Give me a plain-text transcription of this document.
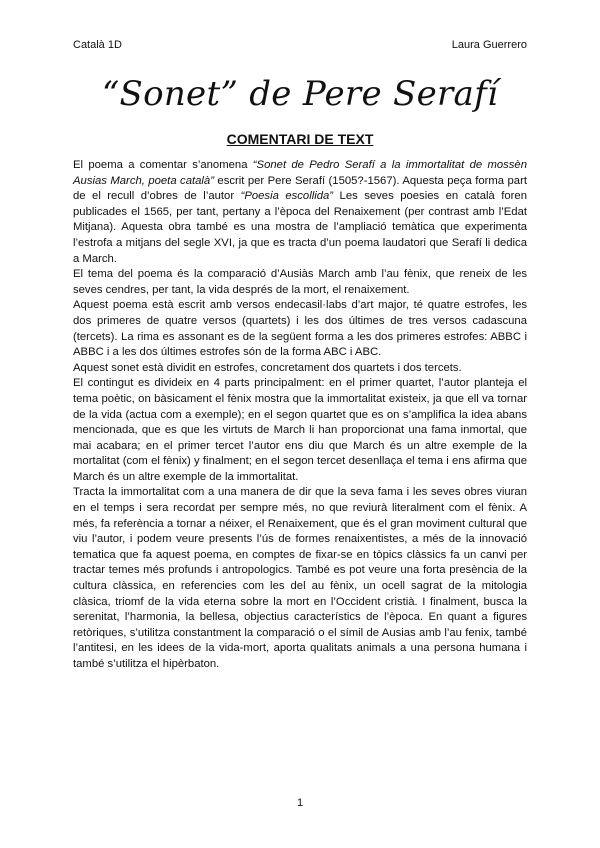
Català 1D	Laura Guerrero
“Sonet” de Pere Serafí
COMENTARI DE TEXT

El poema a comentar s’anomena “Sonet de Pedro Serafí a la immortalitat de mossèn Ausias March, poeta català” escrit per Pere Serafí (1505?-1567). Aquesta peça forma part de el recull d’obres de l’autor “Poesia escollida” Les seves poesies en català foren publicades el 1565, per tant, pertany a l’època del Renaixement (per contrast amb l’Edat Mitjana). Aquesta obra també es una mostra de l’ampliació temàtica que experimenta l’estrofa a mitjans del segle XVI, ja que es tracta d’un poema laudatori que Serafí li dedica a March.

El tema del poema és la comparació d’Ausiàs March amb l’au fènix, que reneix de les seves cendres, per tant, la vida després de la mort, el renaixement.

Aquest poema està escrit amb versos endecasil·labs d’art major, té quatre estrofes, les dos primeres de quatre versos (quartets) i les dos últimes de tres versos cadascuna (tercets). La rima es assonant es de la següent forma a les dos primeres estrofes: ABBC i ABBC i a les dos últimes estrofes són de la forma ABC i ABC.

Aquest sonet està dividit en estrofes, concretament dos quartets i dos tercets.

El contingut es divideix en 4 parts principalment: en el primer quartet, l’autor planteja el tema poètic, on bàsicament el fènix mostra que la immortalitat existeix, ja que ell va tornar de la vida (actua com a exemple); en el segon quartet que es on s’amplifica la idea abans mencionada, que es que les virtuts de March li han proporcionat una fama inmortal, que mai acabara; en el primer tercet l’autor ens diu que March és un altre exemple de la mortalitat (com el fènix) y finalment; en el segon tercet desenllaça el tema i ens afirma que March és un altre exemple de la immortalitat.

Tracta la immortalitat com a una manera de dir que la seva fama i les seves obres viuran en el temps i sera recordat per sempre més, no que reviurà literalment com el fènix. A més, fa referència a tornar a néixer, el Renaixement, que és el gran moviment cultural que viu l’autor, i podem veure presents l’ús de formes renaixentistes, a més de la innovació tematica que fa aquest poema, en comptes de fixar-se en tòpics clàssics fa un canvi per tractar temes més profunds i antropologics. També es pot veure una forta presència de la cultura clàssica, en referencies com les del au fènix, un ocell sagrat de la mitologia clàsica, triomf de la vida eterna sobre la mort en l’Occident cristià. I finalment, busca la serenitat, l’harmonia, la bellesa, objectius característics de l’època. En quant a figures retòriques, s’utilitza constantment la comparació o el símil de Ausias amb l’au fenix, també l’antitesi, en les idees de la vida-mort, aporta qualitats animals a una persona humana i també s’utilitza el hipèrbaton.

1
